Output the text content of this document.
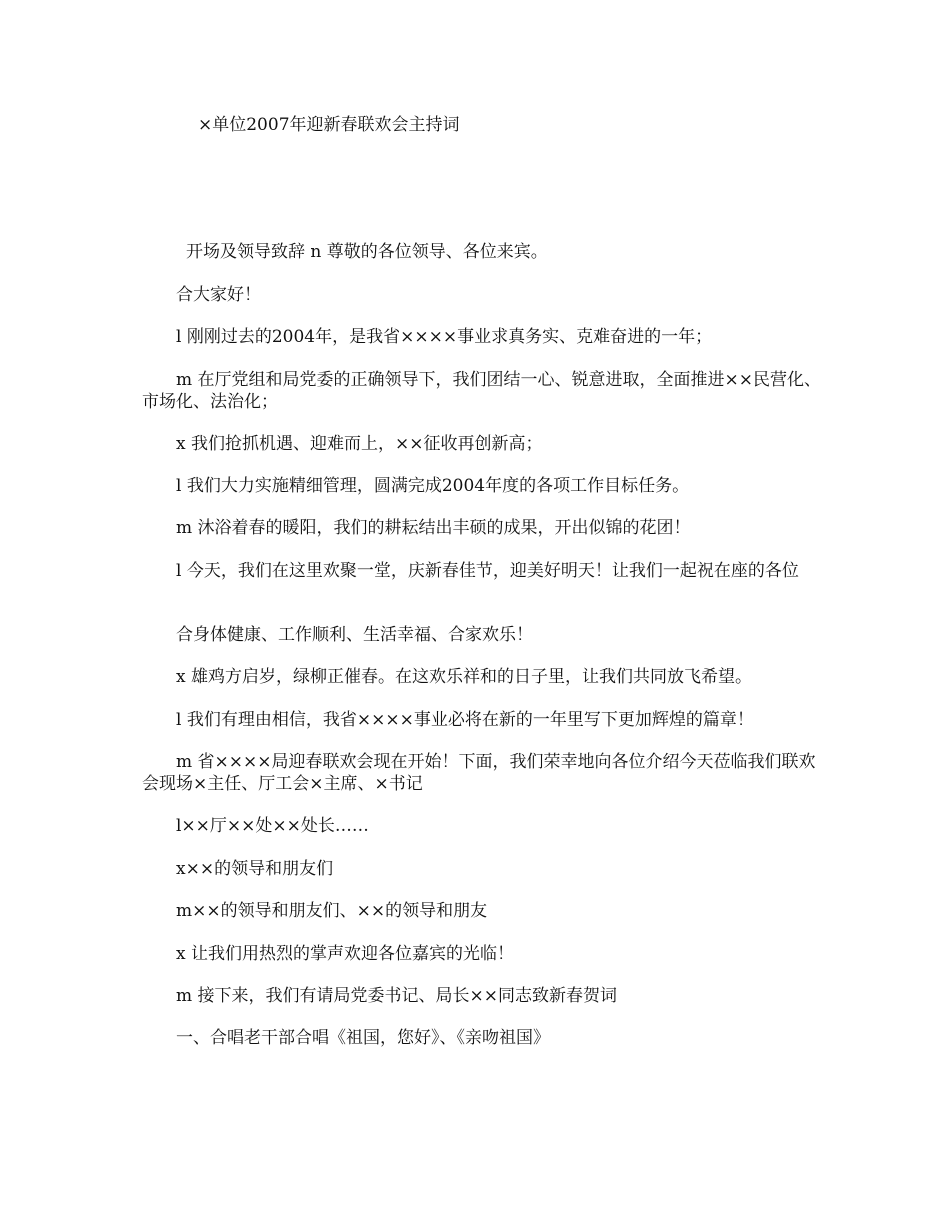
×单位2007年迎新春联欢会主持词

开场及领导致辞 n 尊敬的各位领导、各位来宾。

合大家好！

l 刚刚过去的2004年，是我省××××事业求真务实、克难奋进的一年；

m 在厅党组和局党委的正确领导下，我们团结一心、锐意进取，全面推进××民营化、市场化、法治化；

x 我们抢抓机遇、迎难而上，××征收再创新高；

l 我们大力实施精细管理，圆满完成2004年度的各项工作目标任务。

m 沐浴着春的暖阳，我们的耕耘结出丰硕的成果，开出似锦的花团！

l 今天，我们在这里欢聚一堂，庆新春佳节，迎美好明天！让我们一起祝在座的各位

合身体健康、工作顺利、生活幸福、合家欢乐！

x 雄鸡方启岁，绿柳正催春。在这欢乐祥和的日子里，让我们共同放飞希望。

l 我们有理由相信，我省××××事业必将在新的一年里写下更加辉煌的篇章！

m 省××××局迎春联欢会现在开始！下面，我们荣幸地向各位介绍今天莅临我们联欢会现场×主任、厅工会×主席、×书记

l××厅××处××处长……

x××的领导和朋友们

m××的领导和朋友们、××的领导和朋友

x 让我们用热烈的掌声欢迎各位嘉宾的光临！

m 接下来，我们有请局党委书记、局长××同志致新春贺词

一、合唱老干部合唱《祖国，您好》、《亲吻祖国》
